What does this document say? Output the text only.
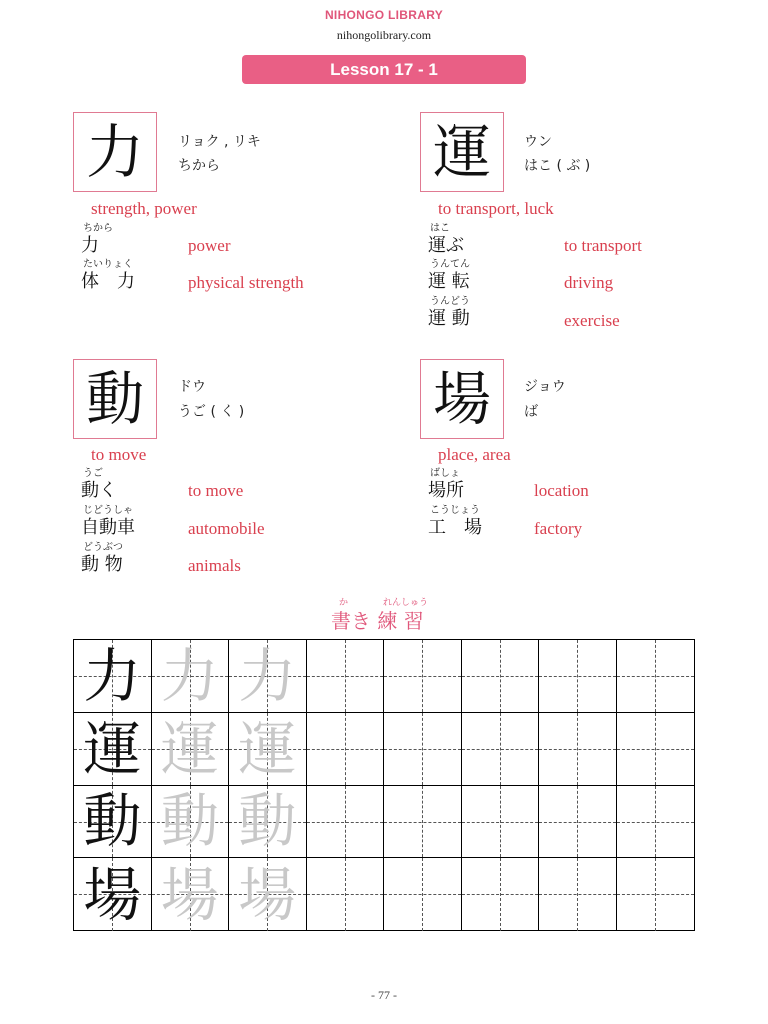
NIHONGO LIBRARY
nihongolibrary.com
Lesson 17 - 1
力	リョク , リキ
ちから
strength, power
ちから
力	power
たいりょく
体　力	physical strength
運	ウン
はこ ( ぶ )
to transport, luck
はこ
運ぶ	to transport
うんてん
運 転	driving
うんどう
運 動	exercise
動	ドウ
うご ( く )
to move
うご
動く	to move
じどうしゃ
自動車	automobile
どうぶつ
動 物	animals
場	ジョウ
ば
place, area
ばしょ
場所	location
こうじょう
工　場	factory
か	れんしゅう
書き 練 習
力 力 力
運 運 運
動 動 動
場 場 場
- 77 -
